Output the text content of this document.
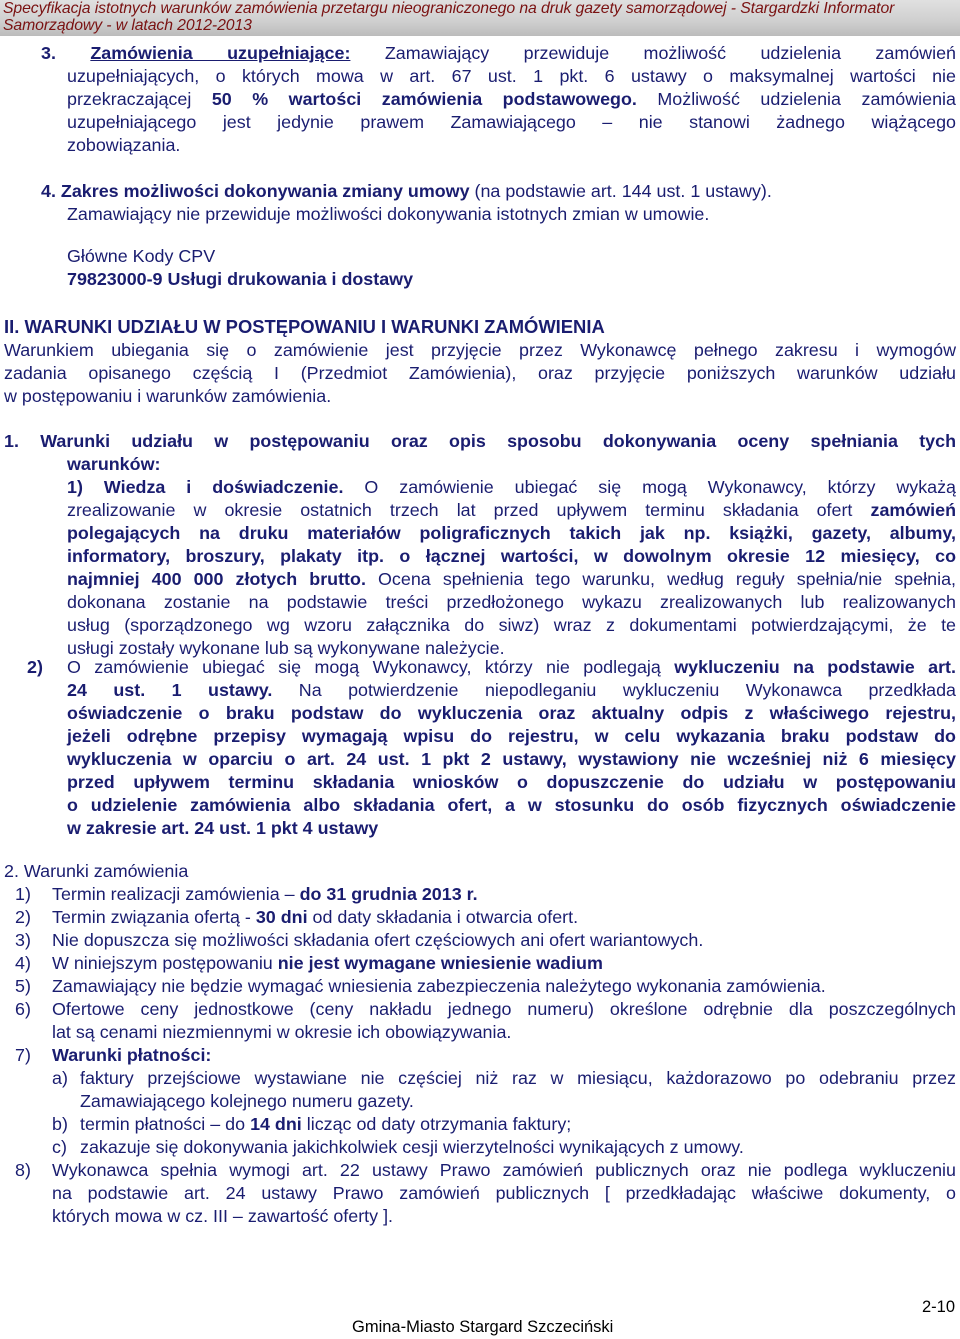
Specyfikacja istotnych warunków zamówienia przetargu nieograniczonego na druk gazety samorządowej - Stargardzki Informator
Samorządowy - w latach 2012-2013
3. Zamówienia uzupełniające: Zamawiający przewiduje możliwość udzielenia zamówień
uzupełniających, o których mowa w art. 67 ust. 1 pkt. 6 ustawy o maksymalnej wartości nie
przekraczającej 50 % wartości zamówienia podstawowego. Możliwość udzielenia zamówienia
uzupełniającego jest jedynie prawem Zamawiającego – nie stanowi żadnego wiążącego
zobowiązania.
4. Zakres możliwości dokonywania zmiany umowy (na podstawie art. 144 ust. 1 ustawy).
Zamawiający nie przewiduje możliwości dokonywania istotnych zmian w umowie.
Główne Kody CPV
79823000-9 Usługi drukowania i dostawy
II. WARUNKI UDZIAŁU W POSTĘPOWANIU I WARUNKI ZAMÓWIENIA
Warunkiem ubiegania się o zamówienie jest przyjęcie przez Wykonawcę pełnego zakresu i wymogów
zadania opisanego częścią I (Przedmiot Zamówienia), oraz przyjęcie poniższych warunków udziału
w postępowaniu i warunków zamówienia.
1. Warunki udziału w postępowaniu oraz opis sposobu dokonywania oceny spełniania tych
warunków:
1)	Wiedza i doświadczenie. O zamówienie ubiegać się mogą Wykonawcy, którzy wykażą
zrealizowanie w okresie ostatnich trzech lat przed upływem terminu składania ofert zamówień
polegających na druku materiałów poligraficznych takich jak np. książki, gazety, albumy,
informatory, broszury, plakaty itp. o łącznej wartości, w dowolnym okresie 12 miesięcy, co
najmniej 400 000 złotych brutto. Ocena spełnienia tego warunku, według reguły spełnia/nie spełnia,
dokonana zostanie na podstawie treści przedłożonego wykazu zrealizowanych lub realizowanych
usług (sporządzonego wg wzoru załącznika do siwz) wraz z dokumentami potwierdzającymi, że te
usługi zostały wykonane lub są wykonywane należycie.
2) O zamówienie ubiegać się mogą Wykonawcy, którzy nie podlegają wykluczeniu na podstawie art.
24 ust. 1 ustawy. Na potwierdzenie niepodleganiu wykluczeniu Wykonawca przedkłada
oświadczenie o braku podstaw do wykluczenia oraz aktualny odpis z właściwego rejestru,
jeżeli odrębne przepisy wymagają wpisu do rejestru, w celu wykazania braku podstaw do
wykluczenia w oparciu o art. 24 ust. 1 pkt 2 ustawy, wystawiony nie wcześniej niż 6 miesięcy
przed upływem terminu składania wniosków o dopuszczenie do udziału w postępowaniu
o udzielenie zamówienia albo składania ofert, a w stosunku do osób fizycznych oświadczenie
w zakresie art. 24 ust. 1 pkt 4 ustawy
2. Warunki zamówienia
1) Termin realizacji zamówienia – do 31 grudnia 2013 r.
2) Termin związania ofertą - 30 dni od daty składania i otwarcia ofert.
3) Nie dopuszcza się możliwości składania ofert częściowych ani ofert wariantowych.
4) W niniejszym postępowaniu nie jest wymagane wniesienie wadium
5) Zamawiający nie będzie wymagać wniesienia zabezpieczenia należytego wykonania zamówienia.
6) Ofertowe ceny jednostkowe (ceny nakładu jednego numeru) określone odrębnie dla poszczególnych
lat są cenami niezmiennymi w okresie ich obowiązywania.
7) Warunki płatności:
a) faktury przejściowe wystawiane nie częściej niż raz w miesiącu, każdorazowo po odebraniu przez
Zamawiającego kolejnego numeru gazety.
b) termin płatności – do 14 dni licząc od daty otrzymania faktury;
c) zakazuje się dokonywania jakichkolwiek cesji wierzytelności wynikających z umowy.
8) Wykonawca spełnia wymogi art. 22 ustawy Prawo zamówień publicznych oraz nie podlega wykluczeniu
na podstawie art. 24 ustawy Prawo zamówień publicznych [ przedkładając właściwe dokumenty, o
których mowa w cz. III – zawartość oferty ].
2-10
Gmina-Miasto Stargard Szczeciński
